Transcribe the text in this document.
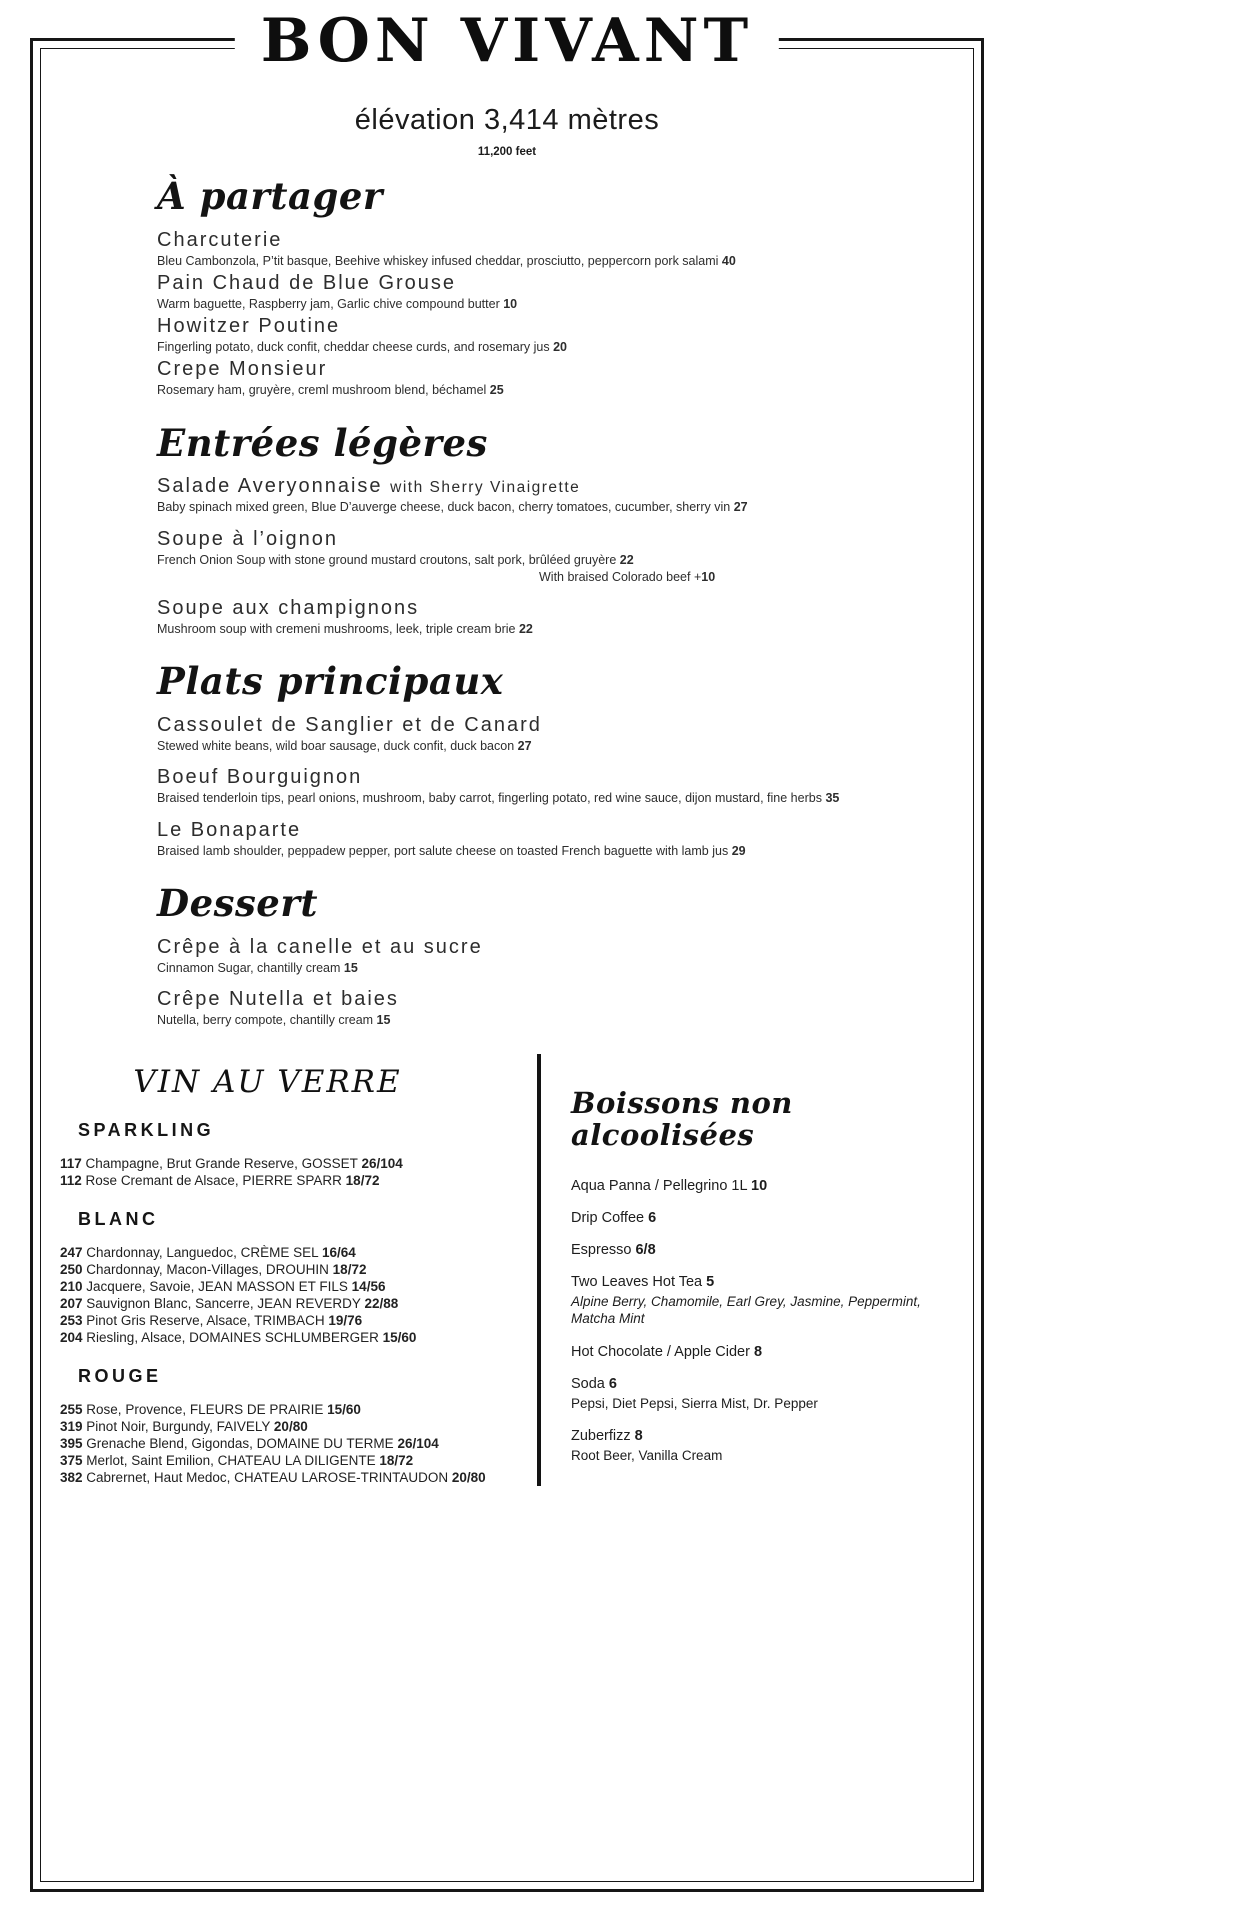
BON VIVANT
élévation 3,414 mètres
11,200 feet
À partager
Charcuterie
Bleu Cambonzola, P’tit basque, Beehive whiskey infused cheddar, prosciutto, peppercorn pork salami 40
Pain Chaud de Blue Grouse
Warm baguette, Raspberry jam, Garlic chive compound butter 10
Howitzer Poutine
Fingerling potato, duck confit, cheddar cheese curds, and rosemary jus 20
Crepe Monsieur
Rosemary ham, gruyère, creml mushroom blend, béchamel 25
Entrées légères
Salade Averyonnaise with Sherry Vinaigrette
Baby spinach mixed green, Blue D’auverge cheese, duck bacon, cherry tomatoes, cucumber, sherry vin 27
Soupe à l’oignon
French Onion Soup with stone ground mustard croutons, salt pork, brûléed gruyère 22
With braised Colorado beef +10
Soupe aux champignons
Mushroom soup with cremeni mushrooms, leek, triple cream brie 22
Plats principaux
Cassoulet de Sanglier et de Canard
Stewed white beans, wild boar sausage, duck confit, duck bacon 27
Boeuf Bourguignon
Braised tenderloin tips, pearl onions, mushroom, baby carrot, fingerling potato, red wine sauce, dijon mustard, fine herbs 35
Le Bonaparte
Braised lamb shoulder, peppadew pepper, port salute cheese on toasted French baguette with lamb jus 29
Dessert
Crêpe à la canelle et au sucre
Cinnamon Sugar, chantilly cream 15
Crêpe Nutella et baies
Nutella, berry compote, chantilly cream 15
VIN AU VERRE
SPARKLING
117 Champagne, Brut Grande Reserve, GOSSET 26/104
112 Rose Cremant de Alsace, PIERRE SPARR 18/72
BLANC
247 Chardonnay, Languedoc, CRÈME SEL 16/64
250 Chardonnay, Macon-Villages, DROUHIN 18/72
210 Jacquere, Savoie, JEAN MASSON ET FILS 14/56
207 Sauvignon Blanc, Sancerre, JEAN REVERDY 22/88
253 Pinot Gris Reserve, Alsace, TRIMBACH 19/76
204 Riesling, Alsace, DOMAINES SCHLUMBERGER 15/60
ROUGE
255 Rose, Provence, FLEURS DE PRAIRIE 15/60
319 Pinot Noir, Burgundy, FAIVELY 20/80
395 Grenache Blend, Gigondas, DOMAINE DU TERME 26/104
375 Merlot, Saint Emilion, CHATEAU LA DILIGENTE 18/72
382 Cabrernet, Haut Medoc, CHATEAU LAROSE-TRINTAUDON 20/80
Boissons non alcoolisées
Aqua Panna / Pellegrino 1L 10
Drip Coffee 6
Espresso 6/8
Two Leaves Hot Tea 5
Alpine Berry, Chamomile, Earl Grey, Jasmine, Peppermint, Matcha Mint
Hot Chocolate / Apple Cider 8
Soda 6
Pepsi, Diet Pepsi, Sierra Mist, Dr. Pepper
Zuberfizz 8
Root Beer, Vanilla Cream
